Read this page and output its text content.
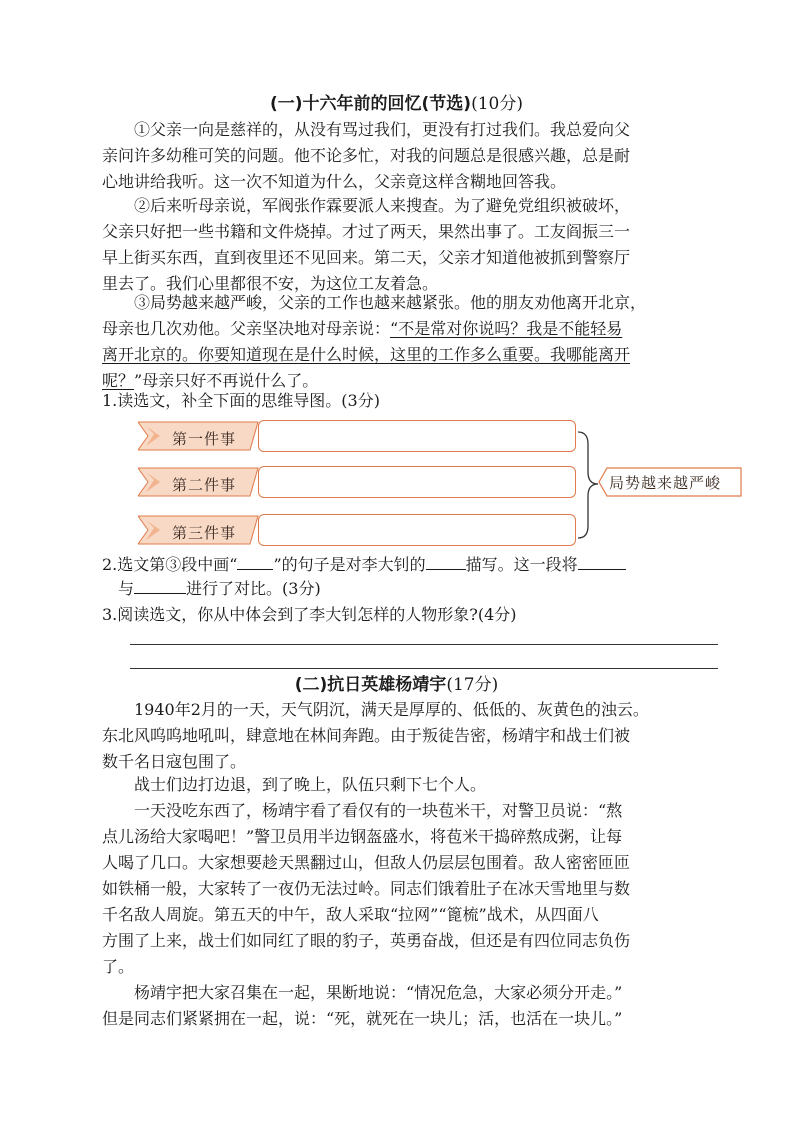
(一)十六年前的回忆(节选)(10分)
①父亲一向是慈祥的，从没有骂过我们，更没有打过我们。我总爱向父
亲问许多幼稚可笑的问题。他不论多忙，对我的问题总是很感兴趣，总是耐
心地讲给我听。这一次不知道为什么，父亲竟这样含糊地回答我。
②后来听母亲说，军阀张作霖要派人来搜查。为了避免党组织被破坏，
父亲只好把一些书籍和文件烧掉。才过了两天，果然出事了。工友阎振三一
早上街买东西，直到夜里还不见回来。第二天，父亲才知道他被抓到警察厅
里去了。我们心里都很不安，为这位工友着急。
③局势越来越严峻，父亲的工作也越来越紧张。他的朋友劝他离开北京，
母亲也几次劝他。父亲坚决地对母亲说：“不是常对你说吗？我是不能轻易
离开北京的。你要知道现在是什么时候，这里的工作多么重要。我哪能离开
呢？”母亲只好不再说什么了。
1.读选文，补全下面的思维导图。(3分)
第一件事
第二件事
第三件事
局势越来越严峻
2.选文第③段中画“ ”的句子是对李大钊的	描写。这一段将
与	进行了对比。(3分)
3.阅读选文，你从中体会到了李大钊怎样的人物形象?(4分)
(二)抗日英雄杨靖宇(17分)
1940年2月的一天，天气阴沉，满天是厚厚的、低低的、灰黄色的浊云。
东北风呜呜地吼叫，肆意地在林间奔跑。由于叛徒告密，杨靖宇和战士们被
数千名日寇包围了。
战士们边打边退，到了晚上，队伍只剩下七个人。
一天没吃东西了，杨靖宇看了看仅有的一块苞米干，对警卫员说：“熬
点儿汤给大家喝吧！”警卫员用半边钢盔盛水，将苞米干捣碎熬成粥，让每
人喝了几口。大家想要趁天黑翻过山，但敌人仍层层包围着。敌人密密匝匝
如铁桶一般，大家转了一夜仍无法过岭。同志们饿着肚子在冰天雪地里与数
千名敌人周旋。第五天的中午，敌人采取“拉网”“篦梳”战术，从四面八
方围了上来，战士们如同红了眼的豹子，英勇奋战，但还是有四位同志负伤
了。
杨靖宇把大家召集在一起，果断地说：“情况危急，大家必须分开走。”
但是同志们紧紧拥在一起，说：“死，就死在一块儿；活，也活在一块儿。”
